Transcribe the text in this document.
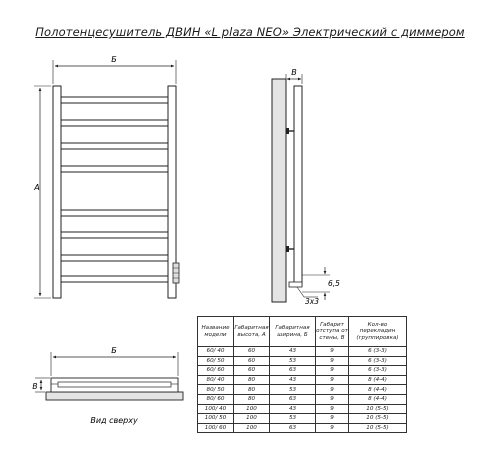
Полотенцесушитель ДВИН «L plaza NEO» Электрический с диммером
Б
А
В
6,5
3х3
Б
В
Вид сверху
Название модели	Габаритная высота, А	Габаритная ширина, Б	Габарит отступа от стены, В	Кол-во перекладин (группировка)
60/ 40	60	43	9	6 (3-3)
60/ 50	60	53	9	6 (3-3)
60/ 60	60	63	9	6 (3-3)
80/ 40	80	43	9	8 (4-4)
80/ 50	80	53	9	8 (4-4)
80/ 60	80	63	9	8 (4-4)
100/ 40	100	43	9	10 (5-5)
100/ 50	100	53	9	10 (5-5)
100/ 60	100	63	9	10 (5-5)
